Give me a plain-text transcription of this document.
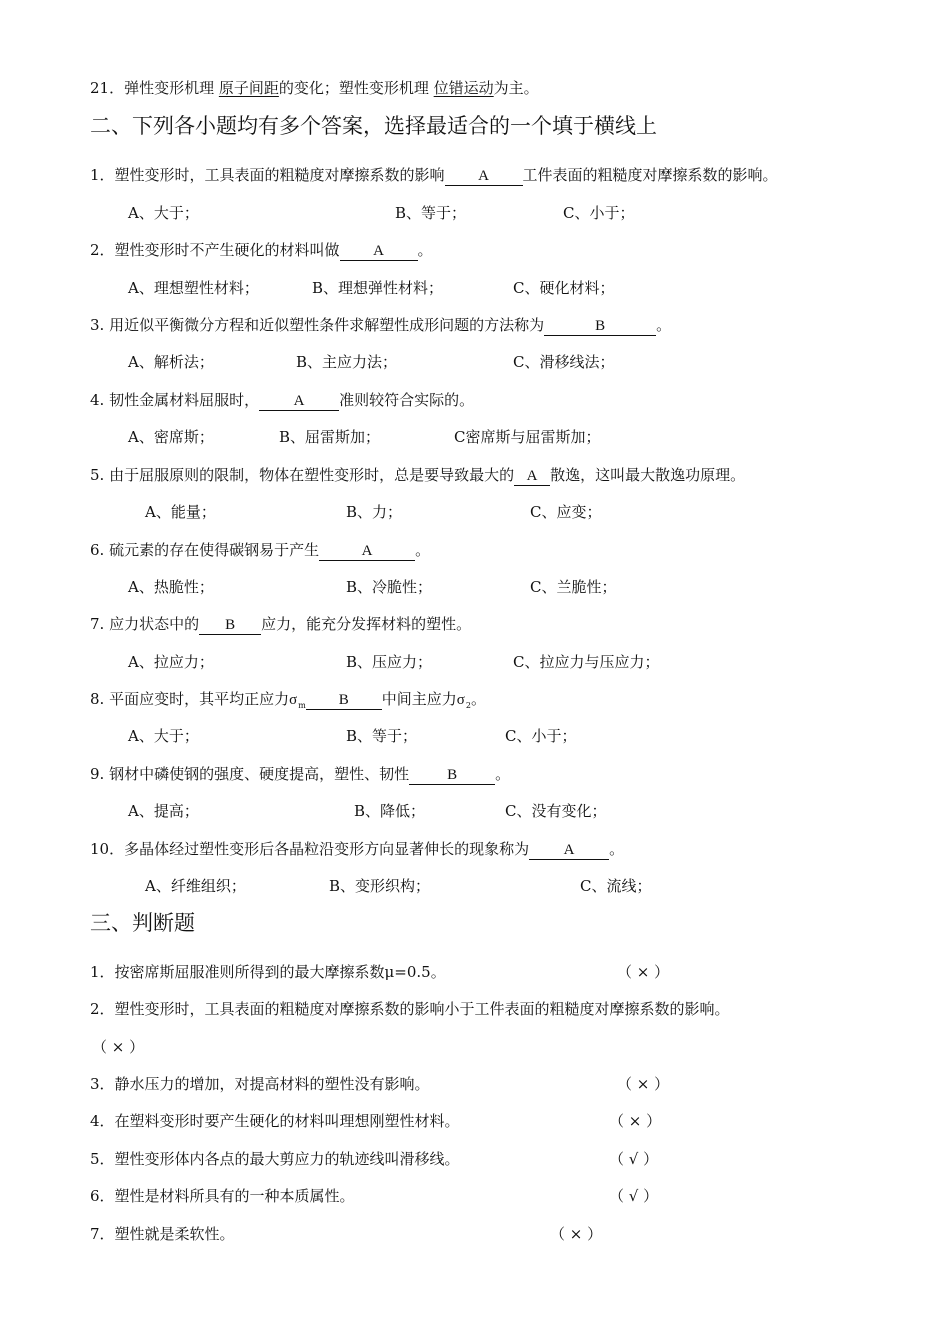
21．弹性变形机理 原子间距的变化；塑性变形机理 位错运动为主。
二、下列各小题均有多个答案，选择最适合的一个填于横线上
1．塑性变形时，工具表面的粗糙度对摩擦系数的影响 A 工件表面的粗糙度对摩擦系数的影响。
A、大于；	B、等于；	C、小于；
2．塑性变形时不产生硬化的材料叫做 A 。
A、理想塑性材料；	B、理想弹性材料；	C、硬化材料；
3. 用近似平衡微分方程和近似塑性条件求解塑性成形问题的方法称为	B	。
A、解析法；	B、主应力法；	C、滑移线法；
4. 韧性金属材料屈服时， A 准则较符合实际的。
A、密席斯；	B、屈雷斯加；	C密席斯与屈雷斯加；
5. 由于屈服原则的限制，物体在塑性变形时，总是要导致最大的 A 散逸，这叫最大散逸功原理。
A、能量；	B、力；	C、应变；
6. 硫元素的存在使得碳钢易于产生	A	。
A、热脆性；	B、冷脆性；	C、兰脆性；
7. 应力状态中的 B 应力，能充分发挥材料的塑性。
A、拉应力；	B、压应力；	C、拉应力与压应力；
8. 平面应变时，其平均正应力$\sigma_m$ B 中间主应力$\sigma_2$。
A、大于；	B、等于；	C、小于；
9. 钢材中磷使钢的强度、硬度提高，塑性、韧性	B	。
A、提高；	B、降低；	C、没有变化；
10．多晶体经过塑性变形后各晶粒沿变形方向显著伸长的现象称为 A 。
A、纤维组织；	B、变形织构；	C、流线；
三、判断题
1．按密席斯屈服准则所得到的最大摩擦系数μ=0.5。	（ × ）
2．塑性变形时，工具表面的粗糙度对摩擦系数的影响小于工件表面的粗糙度对摩擦系数的影响。
（ × ）
3．静水压力的增加，对提高材料的塑性没有影响。	（ × ）
4．在塑料变形时要产生硬化的材料叫理想刚塑性材料。	（ × ）
5．塑性变形体内各点的最大剪应力的轨迹线叫滑移线。	（ √ ）
6．塑性是材料所具有的一种本质属性。	（ √ ）
7．塑性就是柔软性。	（ × ）
